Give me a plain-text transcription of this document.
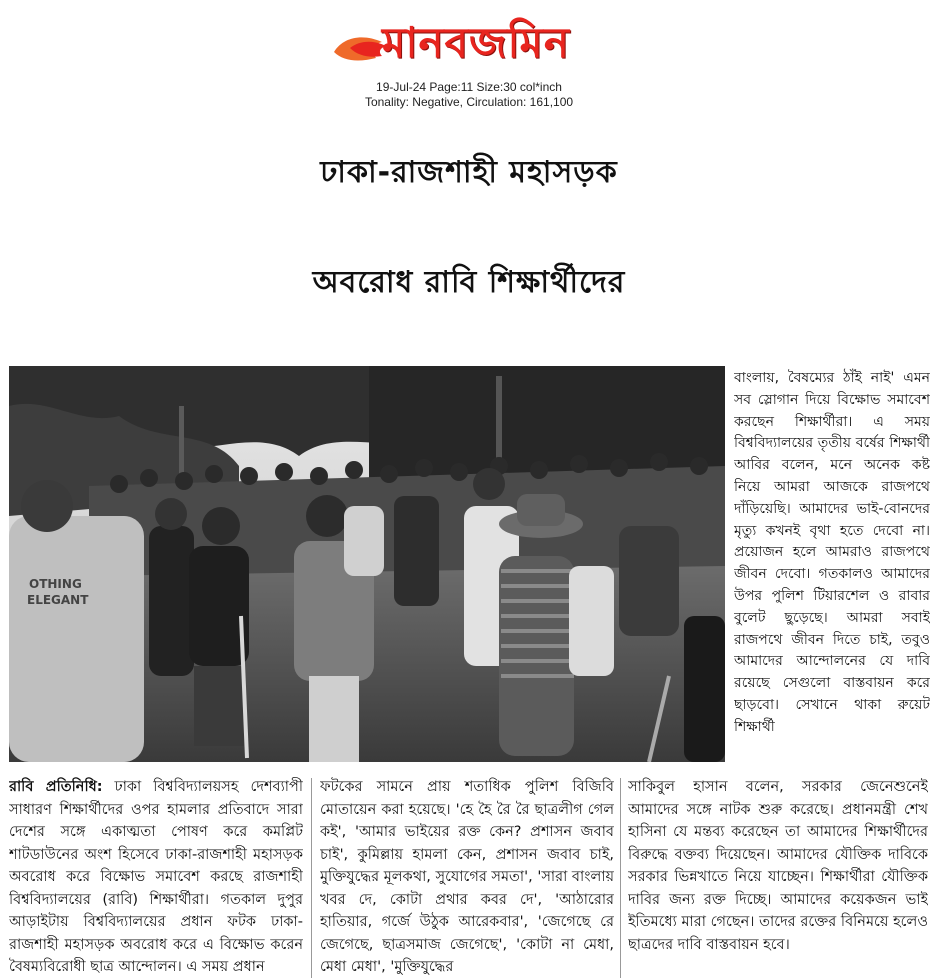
মানবজমিন
19-Jul-24 Page:11 Size:30 col*inch
Tonality: Negative, Circulation: 161,100
ঢাকা-রাজশাহী মহাসড়ক
অবরোধ রাবি শিক্ষার্থীদের
OTHING
ELEGANT
বাংলায়, বৈষম্যের ঠাঁই নাই' এমন সব স্লোগান দিয়ে বিক্ষোভ সমাবেশ করছেন শিক্ষার্থীরা। এ সময় বিশ্ববিদ্যালয়ের তৃতীয় বর্ষের শিক্ষার্থী আবির বলেন, মনে অনেক কষ্ট নিয়ে আমরা আজকে রাজপথে দাঁড়িয়েছি। আমাদের ভাই-বোনদের মৃত্যু কখনই বৃথা হতে দেবো না। প্রয়োজন হলে আমরাও রাজপথে জীবন দেবো। গতকালও আমাদের উপর পুলিশ টিয়ারশেল ও রাবার বুলেট ছুড়েছে। আমরা সবাই রাজপথে জীবন দিতে চাই, তবুও আমাদের আন্দোলনের যে দাবি রয়েছে সেগুলো বাস্তবায়ন করে ছাড়বো। সেখানে থাকা রুয়েট শিক্ষার্থী
রাবি প্রতিনিধি: ঢাকা বিশ্ববিদ্যালয়সহ দেশব্যাপী সাধারণ শিক্ষার্থীদের ওপর হামলার প্রতিবাদে সারা দেশের সঙ্গে একাত্মতা পোষণ করে কমপ্লিট শাটডাউনের অংশ হিসেবে ঢাকা-রাজশাহী মহাসড়ক অবরোধ করে বিক্ষোভ সমাবেশ করছে রাজশাহী বিশ্ববিদ্যালয়ের (রাবি) শিক্ষার্থীরা। গতকাল দুপুর আড়াইটায় বিশ্ববিদ্যালয়ের প্রধান ফটক ঢাকা-রাজশাহী মহাসড়ক অবরোধ করে এ বিক্ষোভ করেন বৈষম্যবিরোধী ছাত্র আন্দোলন। এ সময় প্রধান
ফটকের সামনে প্রায় শতাধিক পুলিশ বিজিবি মোতায়েন করা হয়েছে। 'হে হৈ রৈ রৈ ছাত্রলীগ গেল কই', 'আমার ভাইয়ের রক্ত কেন? প্রশাসন জবাব চাই', কুমিল্লায় হামলা কেন, প্রশাসন জবাব চাই, মুক্তিযুদ্ধের মূলকথা, সুযোগের সমতা', 'সারা বাংলায় খবর দে, কোটা প্রথার কবর দে', 'আঠারোর হাতিয়ার, গর্জে উঠুক আরেকবার', 'জেগেছে রে জেগেছে, ছাত্রসমাজ জেগেছে', 'কোটা না মেধা, মেধা মেধা', 'মুক্তিযুদ্ধের
সাকিবুল হাসান বলেন, সরকার জেনেশুনেই আমাদের সঙ্গে নাটক শুরু করেছে। প্রধানমন্ত্রী শেখ হাসিনা যে মন্তব্য করেছেন তা আমাদের শিক্ষার্থীদের বিরুদ্ধে বক্তব্য দিয়েছেন। আমাদের যৌক্তিক দাবিকে সরকার ভিন্নখাতে নিয়ে যাচ্ছেন। শিক্ষার্থীরা যৌক্তিক দাবির জন্য রক্ত দিচ্ছে। আমাদের কয়েকজন ভাই ইতিমধ্যে মারা গেছেন। তাদের রক্তের বিনিময়ে হলেও ছাত্রদের দাবি বাস্তবায়ন হবে।
